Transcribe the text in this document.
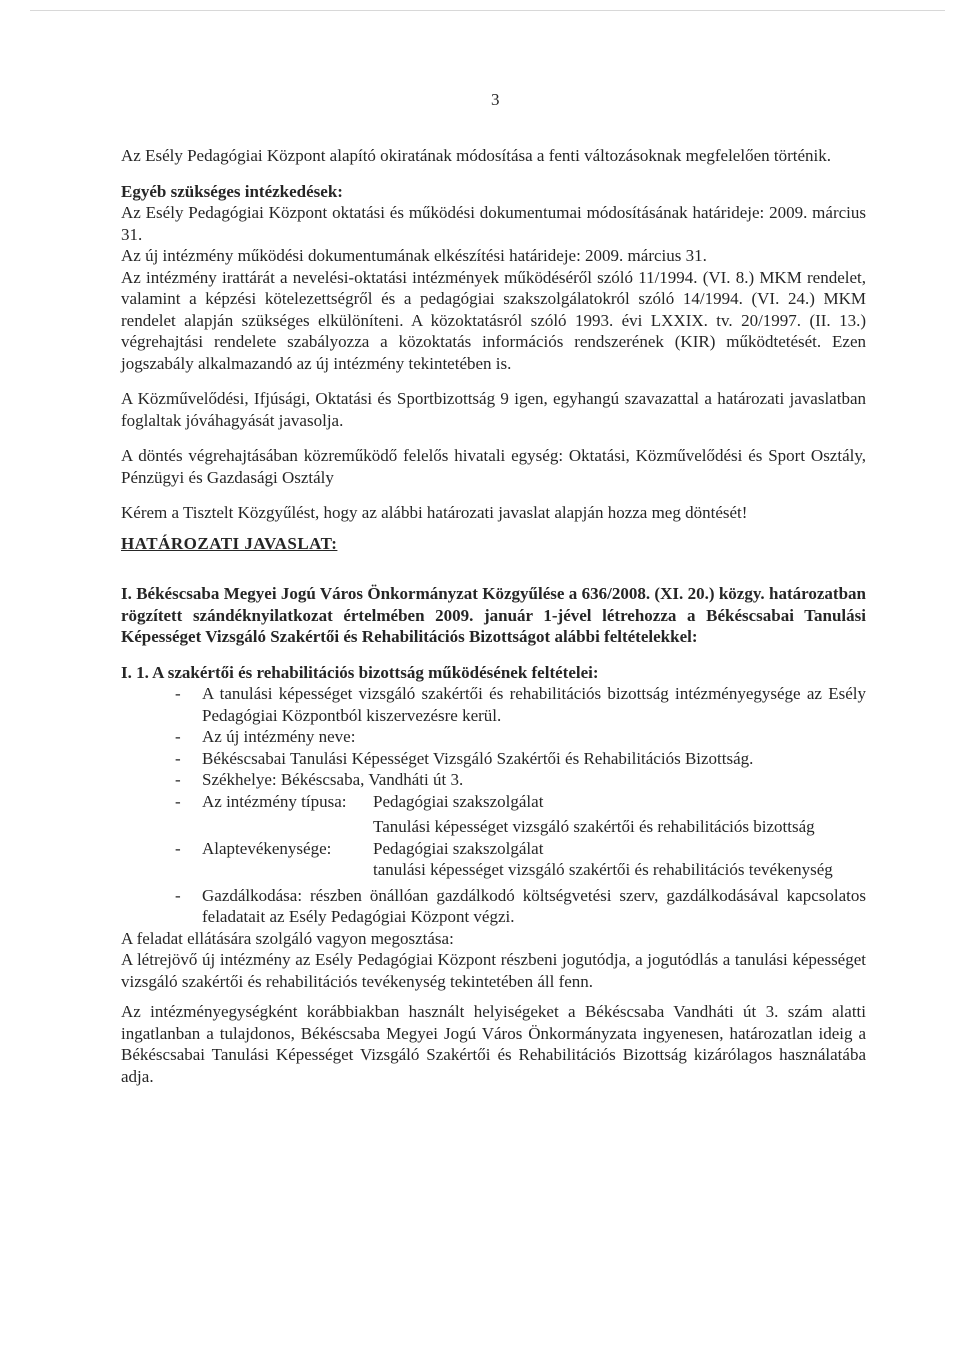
3

Az Esély Pedagógiai Központ alapító okiratának módosítása a fenti változásoknak megfelelően történik.

Egyéb szükséges intézkedések:

Az Esély Pedagógiai Központ oktatási és működési dokumentumai módosításának határideje: 2009. március 31.

Az új intézmény működési dokumentumának elkészítési határideje: 2009. március 31.

Az intézmény irattárát a nevelési-oktatási intézmények működéséről szóló 11/1994. (VI. 8.) MKM rendelet, valamint a képzési kötelezettségről és a pedagógiai szakszolgálatokról szóló 14/1994. (VI. 24.) MKM rendelet alapján szükséges elkülöníteni. A közoktatásról szóló 1993. évi LXXIX. tv. 20/1997. (II. 13.) végrehajtási rendelete szabályozza a közoktatás információs rendszerének (KIR) működtetését. Ezen jogszabály alkalmazandó az új intézmény tekintetében is.

A Közművelődési, Ifjúsági, Oktatási és Sportbizottság 9 igen, egyhangú szavazattal a határozati javaslatban foglaltak jóváhagyását javasolja.

A döntés végrehajtásában közreműködő felelős hivatali egység: Oktatási, Közművelődési és Sport Osztály, Pénzügyi és Gazdasági Osztály

Kérem a Tisztelt Közgyűlést, hogy az alábbi határozati javaslat alapján hozza meg döntését!

HATÁROZATI JAVASLAT:

I. Békéscsaba Megyei Jogú Város Önkormányzat Közgyűlése a 636/2008. (XI. 20.) közgy. határozatban rögzített szándéknyilatkozat értelmében 2009. január 1-jével létrehozza a Békéscsabai Tanulási Képességet Vizsgáló Szakértői és Rehabilitációs Bizottságot alábbi feltételekkel:

I. 1. A szakértői és rehabilitációs bizottság működésének feltételei:

- A tanulási képességet vizsgáló szakértői és rehabilitációs bizottság intézményegysége az Esély Pedagógiai Központból kiszervezésre kerül.
- Az új intézmény neve:
- Békéscsabai Tanulási Képességet Vizsgáló Szakértői és Rehabilitációs Bizottság.
- Székhelye: Békéscsaba, Vandháti út 3.
- Az intézmény típusa:	Pedagógiai szakszolgálat
Tanulási képességet vizsgáló szakértői és rehabilitációs bizottság
- Alaptevékenysége:	Pedagógiai szakszolgálat
tanulási képességet vizsgáló szakértői és rehabilitációs tevékenység
- Gazdálkodása: részben önállóan gazdálkodó költségvetési szerv, gazdálkodásával kapcsolatos feladatait az Esély Pedagógiai Központ végzi.

A feladat ellátására szolgáló vagyon megosztása:

A létrejövő új intézmény az Esély Pedagógiai Központ részbeni jogutódja, a jogutódlás a tanulási képességet vizsgáló szakértői és rehabilitációs tevékenység tekintetében áll fenn.

Az intézményegységként korábbiakban használt helyiségeket a Békéscsaba Vandháti út 3. szám alatti ingatlanban a tulajdonos, Békéscsaba Megyei Jogú Város Önkormányzata ingyenesen, határozatlan ideig a Békéscsabai Tanulási Képességet Vizsgáló Szakértői és Rehabilitációs Bizottság kizárólagos használatába adja.
